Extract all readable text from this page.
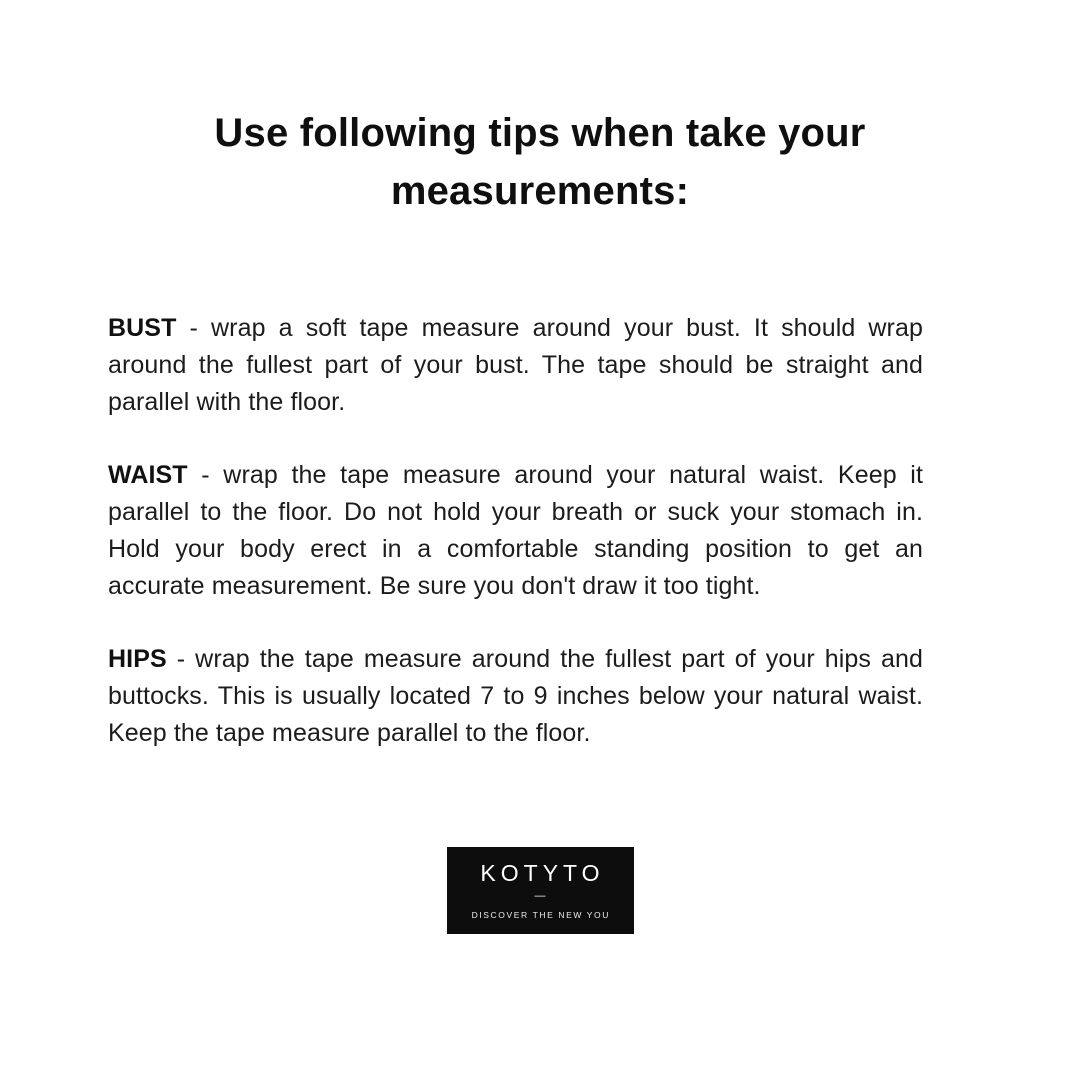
Use following tips when take your
measurements:

BUST - wrap a soft tape measure around your bust. It should wrap around the fullest part of your bust. The tape should be straight and parallel with the floor.

WAIST - wrap the tape measure around your natural waist. Keep it parallel to the floor. Do not hold your breath or suck your stomach in. Hold your body erect in a comfortable standing position to get an accurate measurement. Be sure you don't draw it too tight.

HIPS - wrap the tape measure around the fullest part of your hips and buttocks. This is usually located 7 to 9 inches below your natural waist. Keep the tape measure parallel to the floor.

KOTYTO
—
DISCOVER THE NEW YOU
